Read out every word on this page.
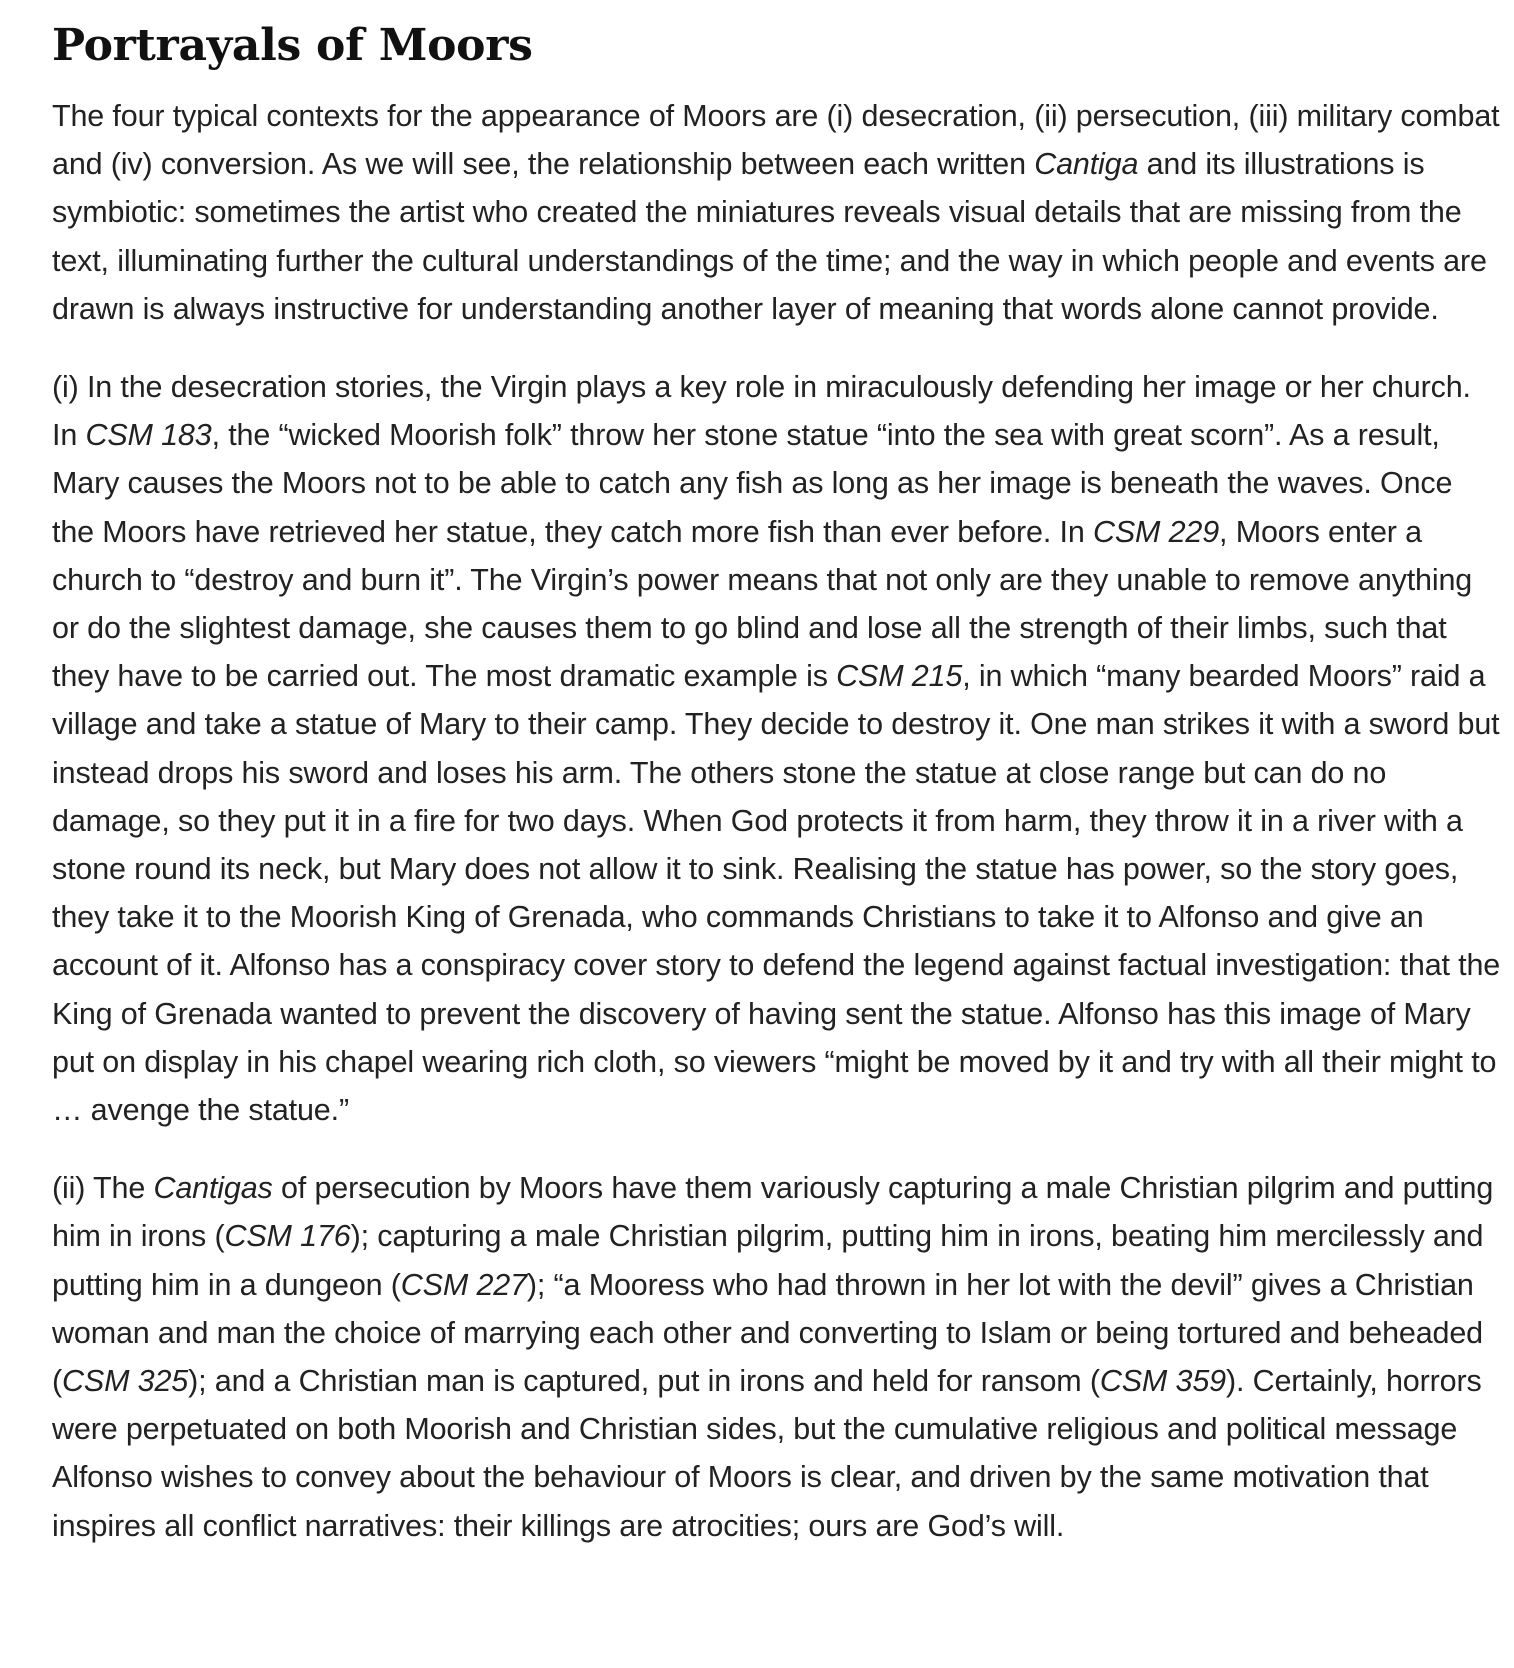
Portrayals of Moors

The four typical contexts for the appearance of Moors are (i) desecration, (ii) persecution, (iii) military combat and (iv) conversion. As we will see, the relationship between each written Cantiga and its illustrations is symbiotic: sometimes the artist who created the miniatures reveals visual details that are missing from the text, illuminating further the cultural understandings of the time; and the way in which people and events are drawn is always instructive for understanding another layer of meaning that words alone cannot provide.

(i) In the desecration stories, the Virgin plays a key role in miraculously defending her image or her church. In CSM 183, the “wicked Moorish folk” throw her stone statue “into the sea with great scorn”. As a result, Mary causes the Moors not to be able to catch any fish as long as her image is beneath the waves. Once the Moors have retrieved her statue, they catch more fish than ever before. In CSM 229, Moors enter a church to “destroy and burn it”. The Virgin’s power means that not only are they unable to remove anything or do the slightest damage, she causes them to go blind and lose all the strength of their limbs, such that they have to be carried out. The most dramatic example is CSM 215, in which “many bearded Moors” raid a village and take a statue of Mary to their camp. They decide to destroy it. One man strikes it with a sword but instead drops his sword and loses his arm. The others stone the statue at close range but can do no damage, so they put it in a fire for two days. When God protects it from harm, they throw it in a river with a stone round its neck, but Mary does not allow it to sink. Realising the statue has power, so the story goes, they take it to the Moorish King of Grenada, who commands Christians to take it to Alfonso and give an account of it. Alfonso has a conspiracy cover story to defend the legend against factual investigation: that the King of Grenada wanted to prevent the discovery of having sent the statue. Alfonso has this image of Mary put on display in his chapel wearing rich cloth, so viewers “might be moved by it and try with all their might to … avenge the statue.”

(ii) The Cantigas of persecution by Moors have them variously capturing a male Christian pilgrim and putting him in irons (CSM 176); capturing a male Christian pilgrim, putting him in irons, beating him mercilessly and putting him in a dungeon (CSM 227); “a Mooress who had thrown in her lot with the devil” gives a Christian woman and man the choice of marrying each other and converting to Islam or being tortured and beheaded (CSM 325); and a Christian man is captured, put in irons and held for ransom (CSM 359). Certainly, horrors were perpetuated on both Moorish and Christian sides, but the cumulative religious and political message Alfonso wishes to convey about the behaviour of Moors is clear, and driven by the same motivation that inspires all conflict narratives: their killings are atrocities; ours are God’s will.
